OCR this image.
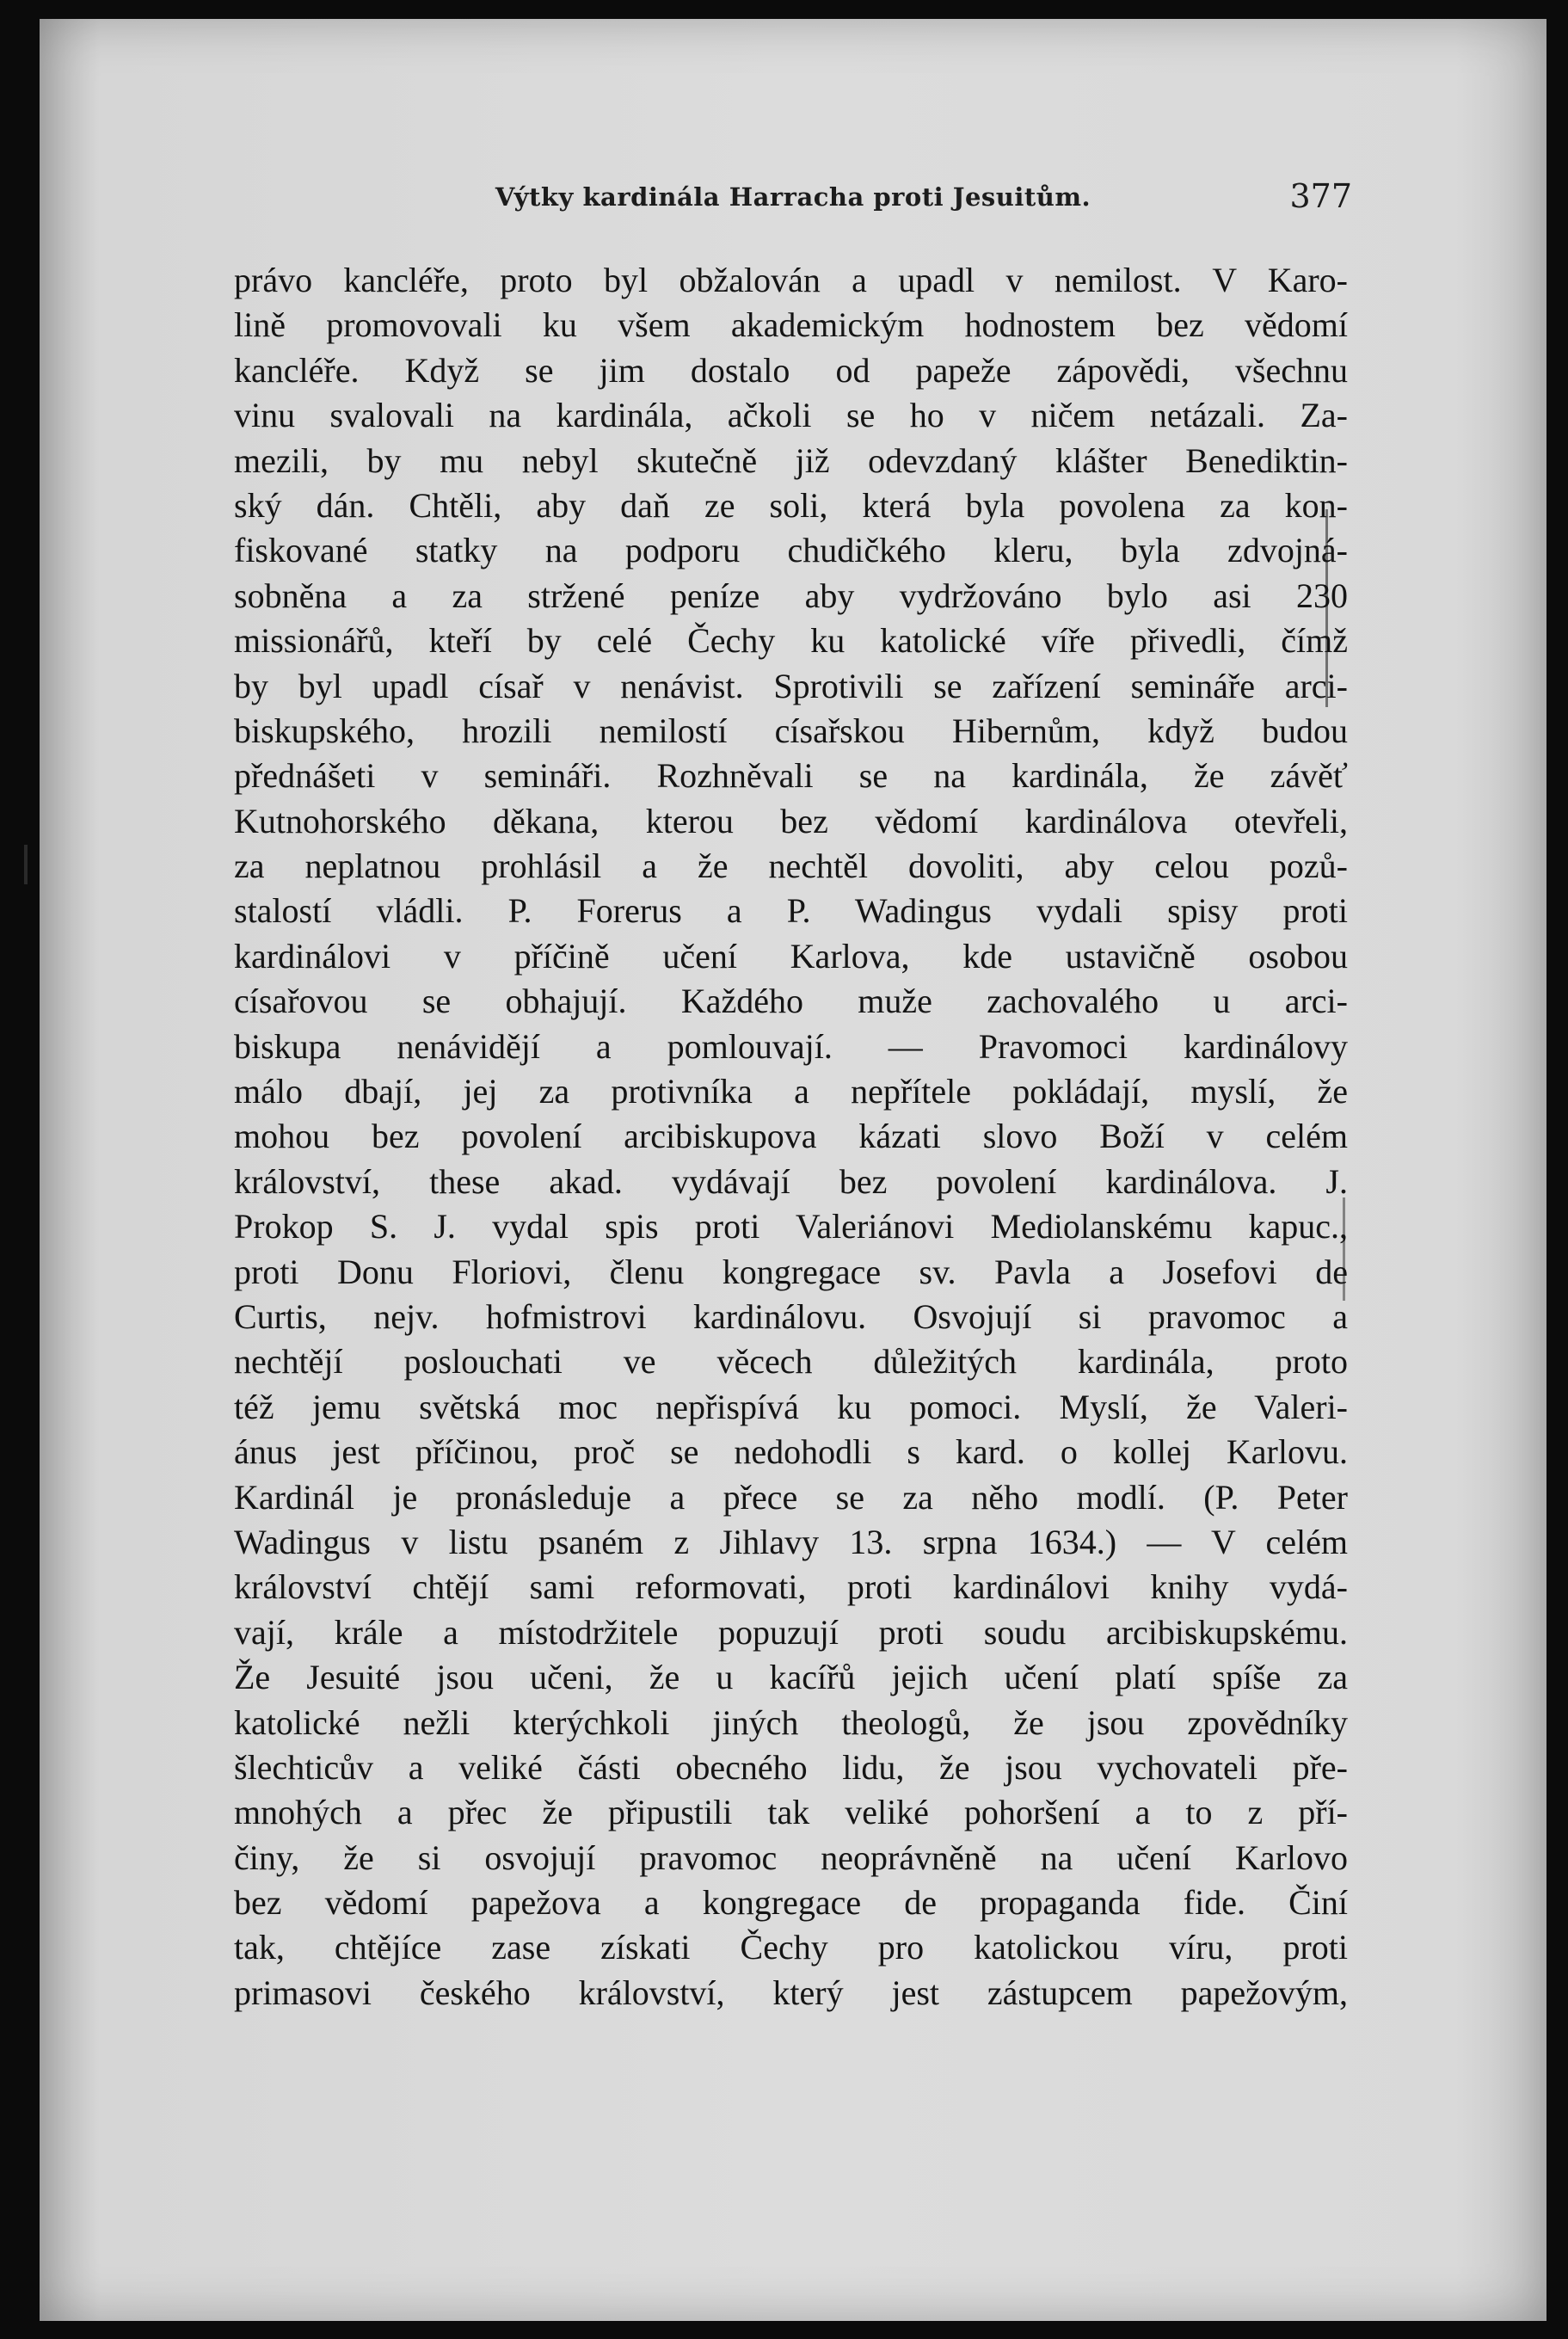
Výtky kardinála Harracha proti Jesuitům.	377
právo kancléře, proto byl obžalován a upadl v nemilost. V Karo-
lině promovovali ku všem akademickým hodnostem bez vědomí
kancléře. Když se jim dostalo od papeže zápovědi, všechnu
vinu svalovali na kardinála, ačkoli se ho v ničem netázali. Za-
mezili, by mu nebyl skutečně již odevzdaný klášter Benediktin-
ský dán. Chtěli, aby daň ze soli, která byla povolena za kon-
fiskované statky na podporu chudičkého kleru, byla zdvojná-
sobněna a za stržené peníze aby vydržováno bylo asi 230
missionářů, kteří by celé Čechy ku katolické víře přivedli, čímž
by byl upadl císař v nenávist. Sprotivili se zařízení semináře arci-
biskupského, hrozili nemilostí císařskou Hibernům, když budou
přednášeti v semináři. Rozhněvali se na kardinála, že závěť
Kutnohorského děkana, kterou bez vědomí kardinálova otevřeli,
za neplatnou prohlásil a že nechtěl dovoliti, aby celou pozů-
stalostí vládli. P. Forerus a P. Wadingus vydali spisy proti
kardinálovi v příčině učení Karlova, kde ustavičně osobou
císařovou se obhajují. Každého muže zachovalého u arci-
biskupa nenávidějí a pomlouvají. — Pravomoci kardinálovy
málo dbají, jej za protivníka a nepřítele pokládají, myslí, že
mohou bez povolení arcibiskupova kázati slovo Boží v celém
království, these akad. vydávají bez povolení kardinálova. J.
Prokop S. J. vydal spis proti Valeriánovi Mediolanskému kapuc.,
proti Donu Floriovi, členu kongregace sv. Pavla a Josefovi de
Curtis, nejv. hofmistrovi kardinálovu. Osvojují si pravomoc a
nechtějí poslouchati ve věcech důležitých kardinála, proto
též jemu světská moc nepřispívá ku pomoci. Myslí, že Valeri-
ánus jest příčinou, proč se nedohodli s kard. o kollej Karlovu.
Kardinál je pronásleduje a přece se za něho modlí. (P. Peter
Wadingus v listu psaném z Jihlavy 13. srpna 1634.) — V celém
království chtějí sami reformovati, proti kardinálovi knihy vydá-
vají, krále a místodržitele popuzují proti soudu arcibiskupskému.
Že Jesuité jsou učeni, že u kacířů jejich učení platí spíše za
katolické nežli kterýchkoli jiných theologů, že jsou zpovědníky
šlechticův a veliké části obecného lidu, že jsou vychovateli pře-
mnohých a přec že připustili tak veliké pohoršení a to z pří-
činy, že si osvojují pravomoc neoprávněně na učení Karlovo
bez vědomí papežova a kongregace de propaganda fide. Činí
tak, chtějíce zase získati Čechy pro katolickou víru, proti
primasovi českého království, který jest zástupcem papežovým,
